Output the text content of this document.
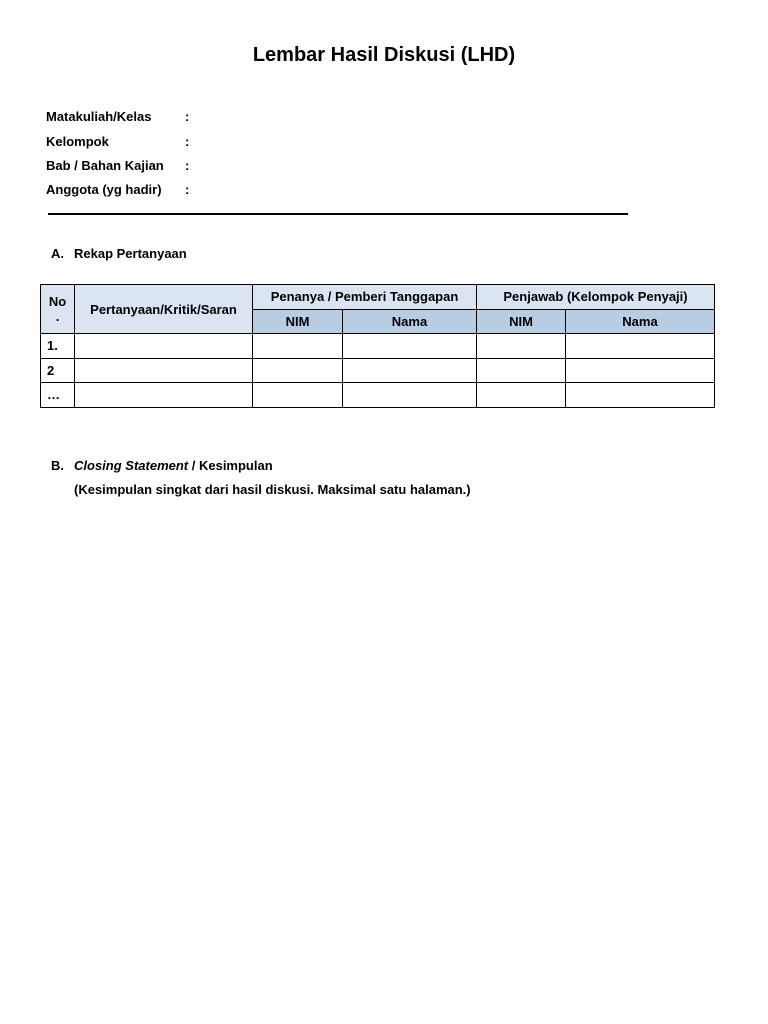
Lembar Hasil Diskusi (LHD)
Matakuliah/Kelas	:
Kelompok	:
Bab / Bahan Kajian :
Anggota (yg hadir) :
A. Rekap Pertanyaan
No
.	Pertanyaan/Kritik/Saran	Penanya / Pemberi Tanggapan		Penjawab (Kelompok Penyaji)	
		NIM	Nama	NIM	Nama
1.					
2					
…					
B. Closing Statement / Kesimpulan
(Kesimpulan singkat dari hasil diskusi. Maksimal satu halaman.)
